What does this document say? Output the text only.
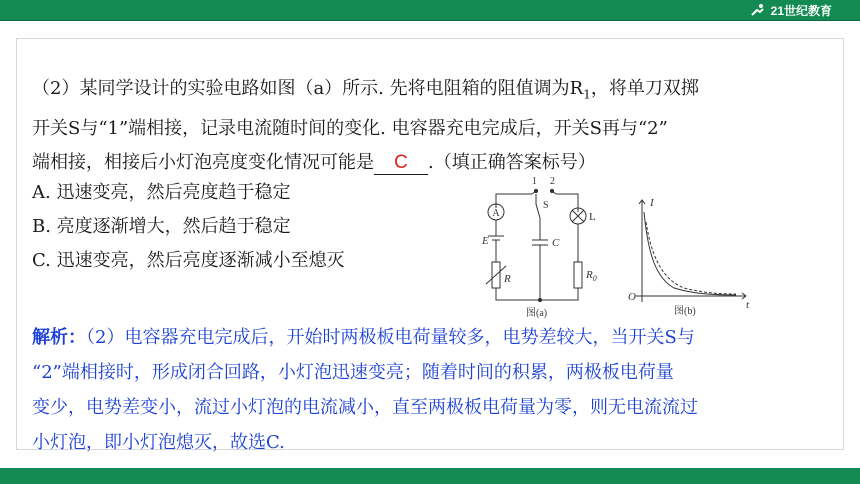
21世纪教育

（2）某同学设计的实验电路如图（a）所示. 先将电阻箱的阻值调为$R_1$，将单刀双掷

开关S与“1”端相接，记录电流随时间的变化. 电容器充电完成后，开关S再与“2”

端相接，相接后小灯泡亮度变化情况可能是 C .（填正确答案标号）

A. 迅速变亮，然后亮度趋于稳定
B. 亮度逐渐增大，然后趋于稳定
C. 迅速变亮，然后亮度逐渐减小至熄灭
A	L
S
1 2
E	C
R	$R_0$
图(a)
I
t
O
图(b)

解析：（2）电容器充电完成后，开始时两极板电荷量较多，电势差较大，当开关S与

“2”端相接时，形成闭合回路，小灯泡迅速变亮；随着时间的积累，两极板电荷量

变少，电势差变小，流过小灯泡的电流减小，直至两极板电荷量为零，则无电流流过

小灯泡，即小灯泡熄灭，故选C.
